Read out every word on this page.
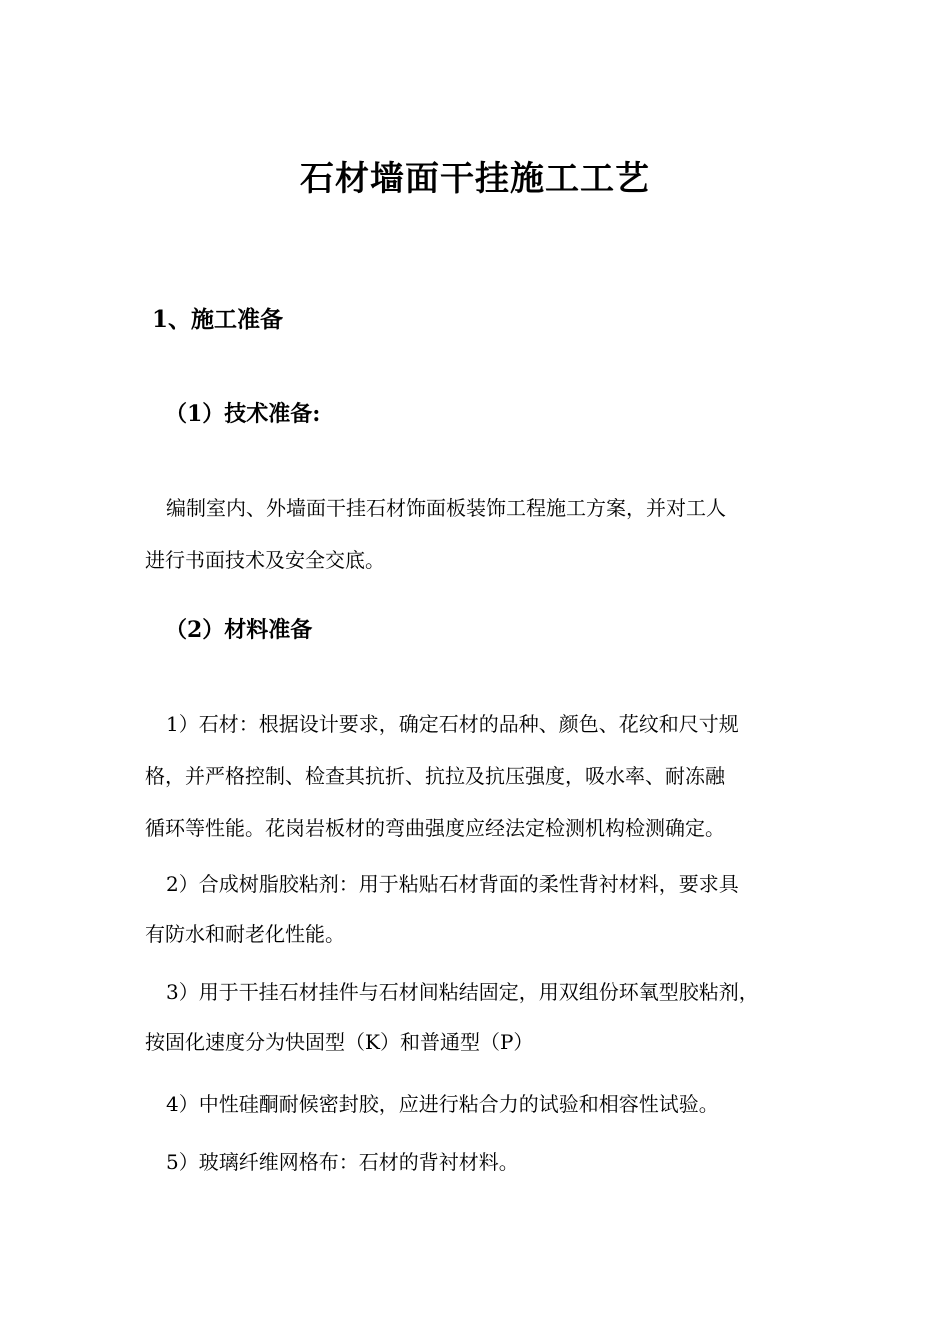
石材墙面干挂施工工艺
1、施工准备
（1）技术准备:
编制室内、外墙面干挂石材饰面板装饰工程施工方案，并对工人
进行书面技术及安全交底。
（2）材料准备
1）石材：根据设计要求，确定石材的品种、颜色、花纹和尺寸规
格，并严格控制、检查其抗折、抗拉及抗压强度，吸水率、耐冻融
循环等性能。花岗岩板材的弯曲强度应经法定检测机构检测确定。
2）合成树脂胶粘剂：用于粘贴石材背面的柔性背衬材料，要求具
有防水和耐老化性能。
3）用于干挂石材挂件与石材间粘结固定，用双组份环氧型胶粘剂，
按固化速度分为快固型（K）和普通型（P）
4）中性硅酮耐候密封胶，应进行粘合力的试验和相容性试验。
5）玻璃纤维网格布：石材的背衬材料。
